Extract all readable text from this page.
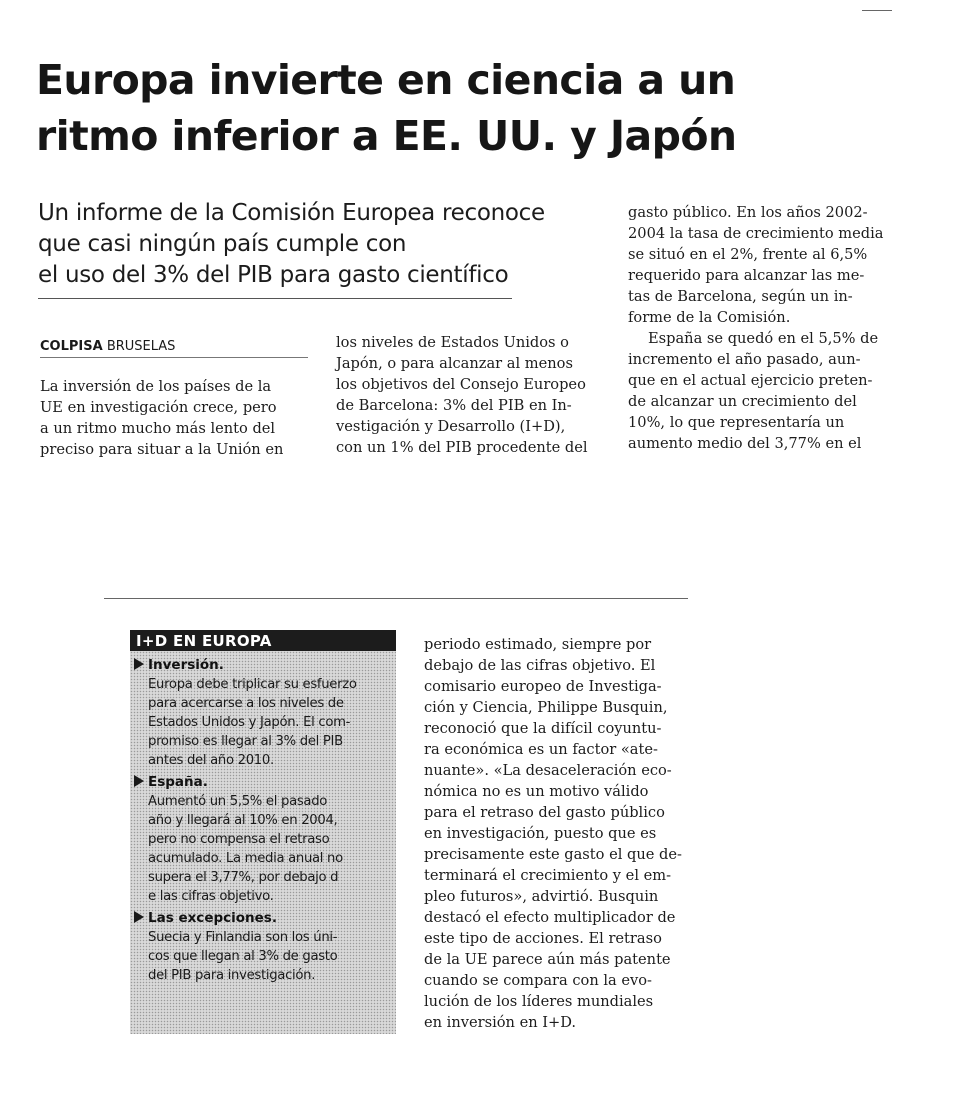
Europa invierte en ciencia a un
ritmo inferior a EE. UU. y Japón
Un informe de la Comisión Europea reconoce
que casi ningún país cumple con
el uso del 3% del PIB para gasto científico
COLPISA BRUSELAS
La inversión de los países de la
UE en investigación crece, pero
a un ritmo mucho más lento del
preciso para situar a la Unión en
los niveles de Estados Unidos o
Japón, o para alcanzar al menos
los objetivos del Consejo Europeo
de Barcelona: 3% del PIB en In-
vestigación y Desarrollo (I+D),
con un 1% del PIB procedente del
gasto público. En los años 2002-
2004 la tasa de crecimiento media
se situó en el 2%, frente al 6,5%
requerido para alcanzar las me-
tas de Barcelona, según un in-
forme de la Comisión.
España se quedó en el 5,5% de
incremento el año pasado, aun-
que en el actual ejercicio preten-
de alcanzar un crecimiento del
10%, lo que representaría un
aumento medio del 3,77% en el
I+D EN EUROPA
Inversión.
Europa debe triplicar su esfuerzo
para acercarse a los niveles de
Estados Unidos y Japón. El com-
promiso es llegar al 3% del PIB
antes del año 2010.
España.
Aumentó un 5,5% el pasado
año y llegará al 10% en 2004,
pero no compensa el retraso
acumulado. La media anual no
supera el 3,77%, por debajo d
e las cifras objetivo.
Las excepciones.
Suecia y Finlandia son los úni-
cos que llegan al 3% de gasto
del PIB para investigación.
periodo estimado, siempre por
debajo de las cifras objetivo. El
comisario europeo de Investiga-
ción y Ciencia, Philippe Busquin,
reconoció que la difícil coyuntu-
ra económica es un factor «ate-
nuante». «La desaceleración eco-
nómica no es un motivo válido
para el retraso del gasto público
en investigación, puesto que es
precisamente este gasto el que de-
terminará el crecimiento y el em-
pleo futuros», advirtió. Busquin
destacó el efecto multiplicador de
este tipo de acciones. El retraso
de la UE parece aún más patente
cuando se compara con la evo-
lución de los líderes mundiales
en inversión en I+D.
